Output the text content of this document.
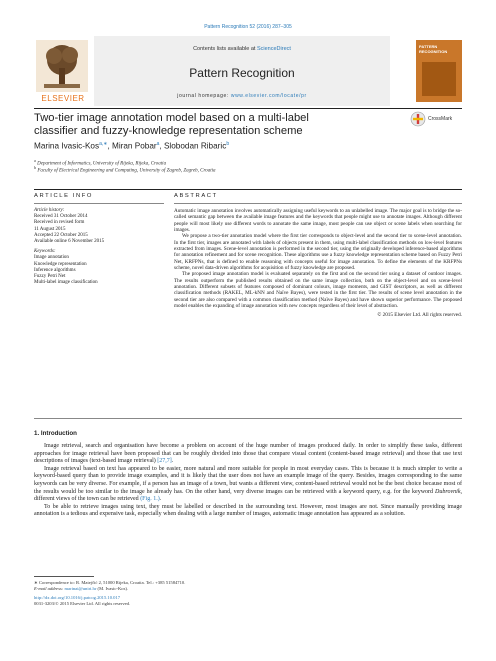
Pattern Recognition 52 (2016) 287–305
ELSEVIER
Contents lists available at ScienceDirect
Pattern Recognition
journal homepage: www.elsevier.com/locate/pr
PATTERN RECOGNITION
CrossMark
Two-tier image annotation model based on a multi-label
classifier and fuzzy-knowledge representation scheme
Marina Ivasic-Kos$^{a,∗}$, Miran Pobar$^a$, Slobodan Ribaric$^b$
$^a$ Department of Informatics, University of Rijeka, Rijeka, Croatia
$^b$ Faculty of Electrical Engineering and Computing, University of Zagreb, Zagreb, Croatia
ARTICLE INFO	ABSTRACT
Article history:
Received 31 October 2014
Received in revised form
11 August 2015
Accepted 22 October 2015
Available online 6 November 2015
Keywords:
Image annotation
Knowledge representation
Inference algorithms
Fuzzy Petri Net
Multi-label image classification

Automatic image annotation involves automatically assigning useful keywords to an unlabelled image. The major goal is to bridge the so-called semantic gap between the available image features and the keywords that people might use to annotate images. Although different people will most likely use different words to annotate the same image, most people can use object or scene labels when searching for images.

We propose a two-tier annotation model where the first tier corresponds to object-level and the second tier to scene-level annotation. In the first tier, images are annotated with labels of objects present in them, using multi-label classification methods on low-level features extracted from images. Scene-level annotation is performed in the second tier, using the originally developed inference-based algorithms for annotation refinement and for scene recognition. These algorithms use a fuzzy knowledge representation scheme based on Fuzzy Petri Net, KRFPNs, that is defined to enable reasoning with concepts useful for image annotation. To define the elements of the KRFPNs scheme, novel data-driven algorithms for acquisition of fuzzy knowledge are proposed.

The proposed image annotation model is evaluated separately on the first and on the second tier using a dataset of outdoor images. The results outperform the published results obtained on the same image collection, both on the object-level and on scene-level annotation. Different subsets of features composed of dominant colours, image moments, and GIST descriptors, as well as different classification methods (RAKEL, ML-kNN and Naïve Bayes), were tested in the first tier. The results of scene level annotation in the second tier are also compared with a common classification method (Naïve Bayes) and have shown superior performance. The proposed model enables the expanding of image annotation with new concepts regardless of their level of abstraction.

© 2015 Elsevier Ltd. All rights reserved.

1. Introduction

Image retrieval, search and organisation have become a problem on account of the huge number of images produced daily. In order to simplify these tasks, different approaches for image retrieval have been proposed that can be roughly divided into those that compare visual content (content-based image retrieval) and those that use text descriptions of images (text-based image retrieval) [27,7].

Image retrieval based on text has appeared to be easier, more natural and more suitable for people in most everyday cases. This is because it is much simpler to write a keyword-based query than to provide image examples, and it is likely that the user does not have an example image of the query. Besides, images corresponding to the same keywords can be very diverse. For example, if a person has an image of a town, but wants a different view, content-based retrieval would not be the best choice because most of the results would be too similar to the image he already has. On the other hand, very diverse images can be retrieved with a keyword query, e.g. for the keyword Dubrovnik, different views of the town can be retrieved (Fig. 1.).

To be able to retrieve images using text, they must be labelled or described in the surrounding text. However, most images are not. Since manually providing image annotation is a tedious and expensive task, especially when dealing with a large number of images, automatic image annotation has appeared as a solution.

∗ Correspondence to: R. Matejčić 2, 51000 Rijeka, Croatia. Tel.: +385 51584710.

E-mail address: marinai@uniri.hr (M. Ivasic-Kos).

http://dx.doi.org/10.1016/j.patcog.2015.10.017

0031-3203/© 2015 Elsevier Ltd. All rights reserved.
